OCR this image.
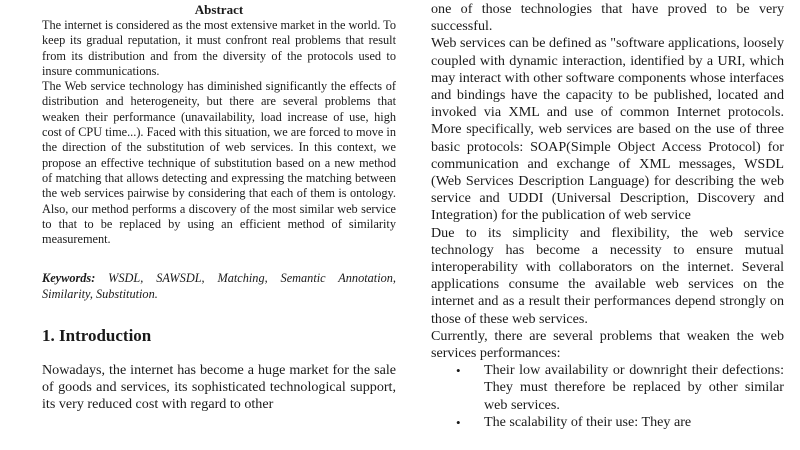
Abstract

The internet is considered as the most extensive market in the world. To keep its gradual reputation, it must confront real problems that result from its distribution and from the diversity of the protocols used to insure communications.

The Web service technology has diminished significantly the effects of distribution and heterogeneity, but there are several problems that weaken their performance (unavailability, load increase of use, high cost of CPU time...). Faced with this situation, we are forced to move in the direction of the substitution of web services. In this context, we propose an effective technique of substitution based on a new method of matching that allows detecting and expressing the matching between the web services pairwise by considering that each of them is ontology. Also, our method performs a discovery of the most similar web service to that to be replaced by using an efficient method of similarity measurement.

Keywords: WSDL, SAWSDL, Matching, Semantic Annotation, Similarity, Substitution.

1. Introduction

Nowadays, the internet has become a huge market for the sale of goods and services, its sophisticated technological support, its very reduced cost with regard to other

one of those technologies that have proved to be very successful.

Web services can be defined as "software applications, loosely coupled with dynamic interaction, identified by a URI, which may interact with other software components whose interfaces and bindings have the capacity to be published, located and invoked via XML and use of common Internet protocols. More specifically, web services are based on the use of three basic protocols: SOAP(Simple Object Access Protocol) for communication and exchange of XML messages, WSDL (Web Services Description Language) for describing the web service and UDDI (Universal Description, Discovery and Integration) for the publication of web service

Due to its simplicity and flexibility, the web service technology has become a necessity to ensure mutual interoperability with collaborators on the internet. Several applications consume the available web services on the internet and as a result their performances depend strongly on those of these web services.

Currently, there are several problems that weaken the web services performances:

• Their low availability or downright their defections: They must therefore be replaced by other similar web services.
• The scalability of their use: They are
